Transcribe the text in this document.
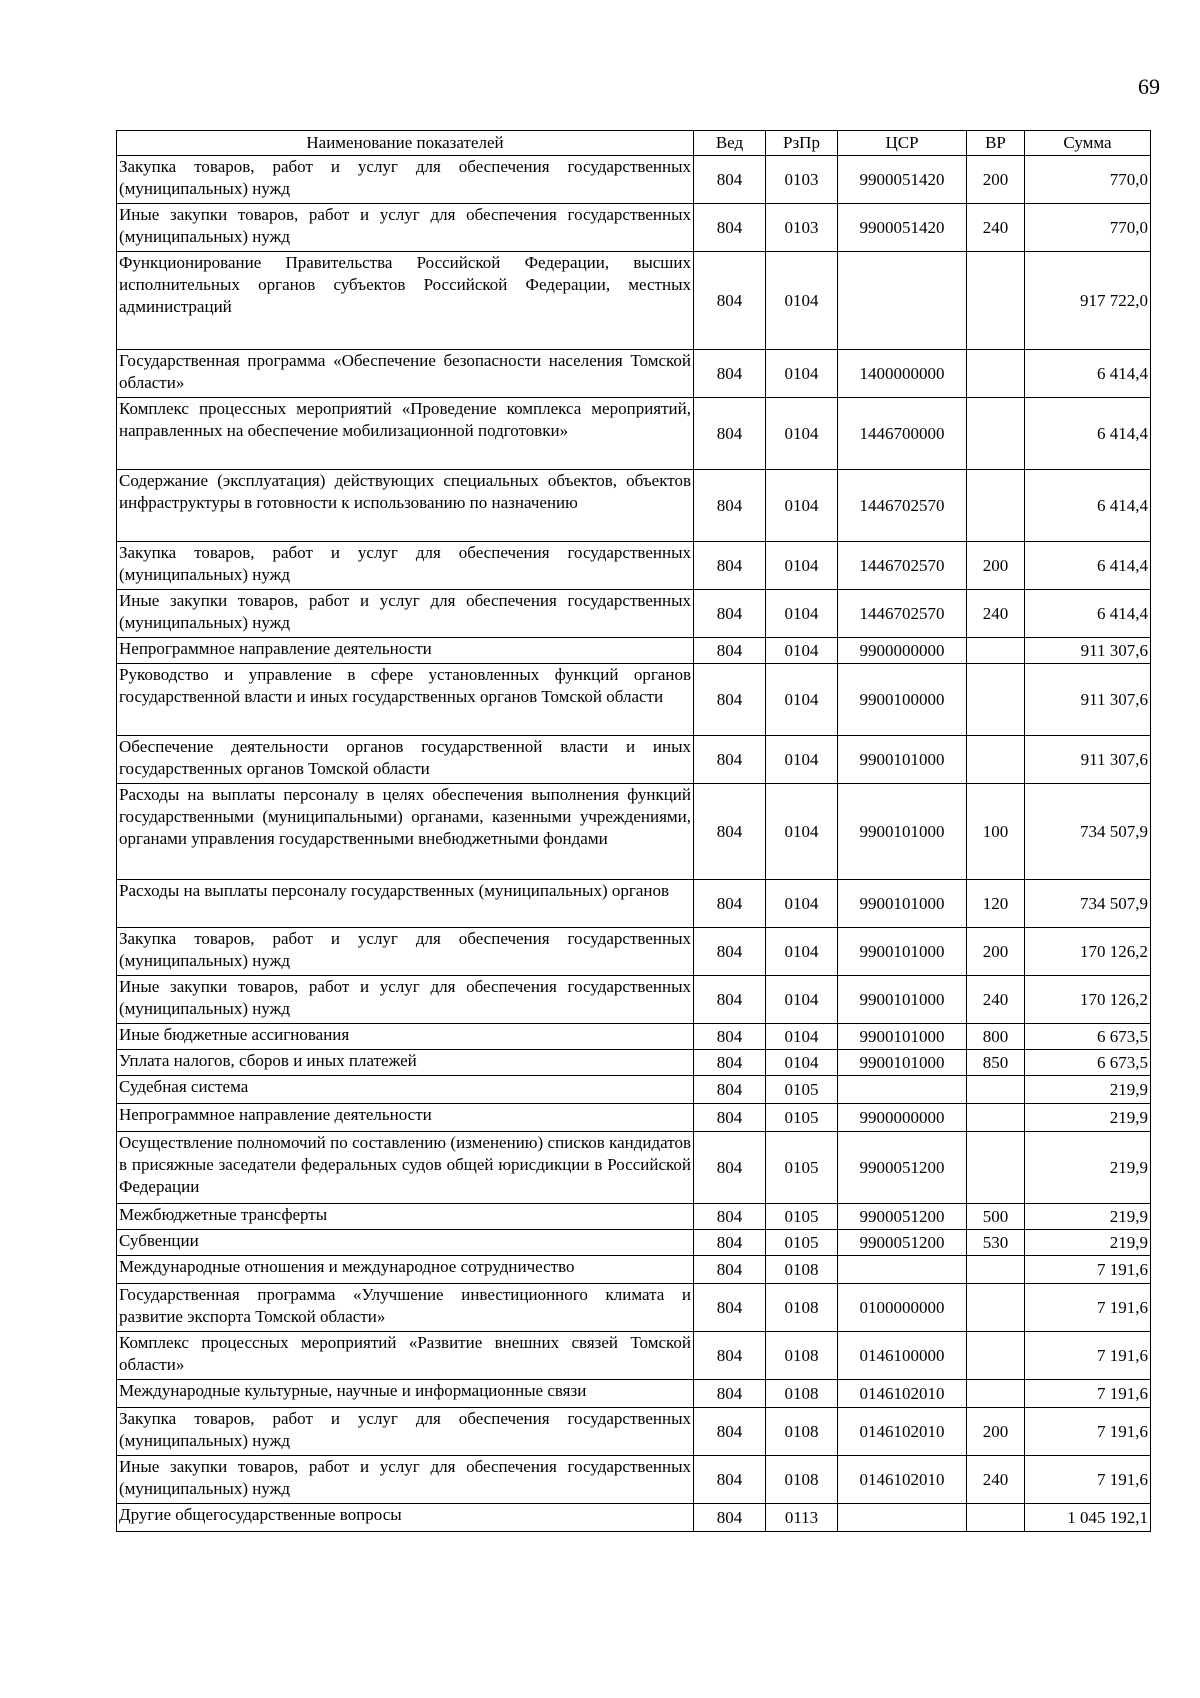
69
Наименование показателей	Вед	РзПр	ЦСР	ВР	Сумма
Закупка товаров, работ и услуг для обеспечения государственных (муниципальных) нужд	804	0103	9900051420	200	770,0
Иные закупки товаров, работ и услуг для обеспечения государственных (муниципальных) нужд	804	0103	9900051420	240	770,0
Функционирование Правительства Российской Федерации, высших исполнительных органов субъектов Российской Федерации, местных администраций	804	0104			917 722,0
Государственная программа «Обеспечение безопасности населения Томской области»	804	0104	1400000000		6 414,4
Комплекс процессных мероприятий «Проведение комплекса мероприятий, направленных на обеспечение мобилизационной подготовки»	804	0104	1446700000		6 414,4
Содержание (эксплуатация) действующих специальных объектов, объектов инфраструктуры в готовности к использованию по назначению	804	0104	1446702570		6 414,4
Закупка товаров, работ и услуг для обеспечения государственных (муниципальных) нужд	804	0104	1446702570	200	6 414,4
Иные закупки товаров, работ и услуг для обеспечения государственных (муниципальных) нужд	804	0104	1446702570	240	6 414,4
Непрограммное направление деятельности	804	0104	9900000000		911 307,6
Руководство и управление в сфере установленных функций органов государственной власти и иных государственных органов Томской области	804	0104	9900100000		911 307,6
Обеспечение деятельности органов государственной власти и иных государственных органов Томской области	804	0104	9900101000		911 307,6
Расходы на выплаты персоналу в целях обеспечения выполнения функций государственными (муниципальными) органами, казенными учреждениями, органами управления государственными внебюджетными фондами	804	0104	9900101000	100	734 507,9
Расходы на выплаты персоналу государственных (муниципальных) органов	804	0104	9900101000	120	734 507,9
Закупка товаров, работ и услуг для обеспечения государственных (муниципальных) нужд	804	0104	9900101000	200	170 126,2
Иные закупки товаров, работ и услуг для обеспечения государственных (муниципальных) нужд	804	0104	9900101000	240	170 126,2
Иные бюджетные ассигнования	804	0104	9900101000	800	6 673,5
Уплата налогов, сборов и иных платежей	804	0104	9900101000	850	6 673,5
Судебная система	804	0105			219,9
Непрограммное направление деятельности	804	0105	9900000000		219,9
Осуществление полномочий по составлению (изменению) списков кандидатов в присяжные заседатели федеральных судов общей юрисдикции в Российской Федерации	804	0105	9900051200		219,9
Межбюджетные трансферты	804	0105	9900051200	500	219,9
Субвенции	804	0105	9900051200	530	219,9
Международные отношения и международное сотрудничество	804	0108			7 191,6
Государственная программа «Улучшение инвестиционного климата и развитие экспорта Томской области»	804	0108	0100000000		7 191,6
Комплекс процессных мероприятий «Развитие внешних связей Томской области»	804	0108	0146100000		7 191,6
Международные культурные, научные и информационные связи	804	0108	0146102010		7 191,6
Закупка товаров, работ и услуг для обеспечения государственных (муниципальных) нужд	804	0108	0146102010	200	7 191,6
Иные закупки товаров, работ и услуг для обеспечения государственных (муниципальных) нужд	804	0108	0146102010	240	7 191,6
Другие общегосударственные вопросы	804	0113			1 045 192,1
